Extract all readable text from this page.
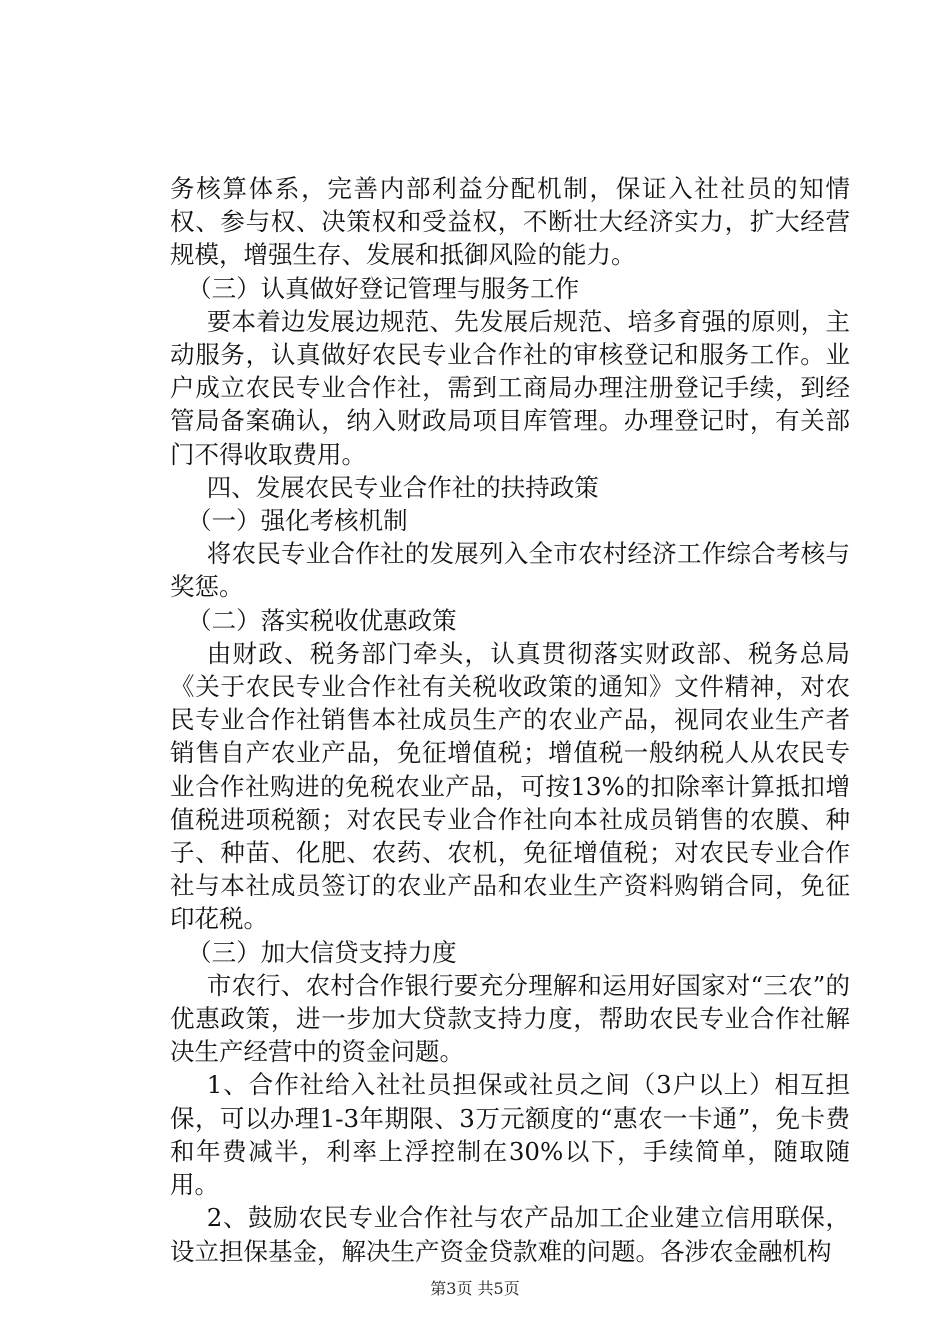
务核算体系，完善内部利益分配机制，保证入社社员的知情权、参与权、决策权和受益权，不断壮大经济实力，扩大经营规模，增强生存、发展和抵御风险的能力。

（三）认真做好登记管理与服务工作

要本着边发展边规范、先发展后规范、培多育强的原则，主动服务，认真做好农民专业合作社的审核登记和服务工作。业户成立农民专业合作社，需到工商局办理注册登记手续，到经管局备案确认，纳入财政局项目库管理。办理登记时，有关部门不得收取费用。

四、发展农民专业合作社的扶持政策

（一）强化考核机制

将农民专业合作社的发展列入全市农村经济工作综合考核与奖惩。

（二）落实税收优惠政策

由财政、税务部门牵头，认真贯彻落实财政部、税务总局《关于农民专业合作社有关税收政策的通知》文件精神，对农民专业合作社销售本社成员生产的农业产品，视同农业生产者销售自产农业产品，免征增值税；增值税一般纳税人从农民专业合作社购进的免税农业产品，可按13%的扣除率计算抵扣增值税进项税额；对农民专业合作社向本社成员销售的农膜、种子、种苗、化肥、农药、农机，免征增值税；对农民专业合作社与本社成员签订的农业产品和农业生产资料购销合同，免征印花税。

（三）加大信贷支持力度

市农行、农村合作银行要充分理解和运用好国家对“三农”的优惠政策，进一步加大贷款支持力度，帮助农民专业合作社解决生产经营中的资金问题。

1、合作社给入社社员担保或社员之间（3户以上）相互担保，可以办理1-3年期限、3万元额度的“惠农一卡通”，免卡费和年费减半，利率上浮控制在30%以下，手续简单，随取随用。

2、鼓励农民专业合作社与农产品加工企业建立信用联保，设立担保基金，解决生产资金贷款难的问题。各涉农金融机构

第3页 共5页
